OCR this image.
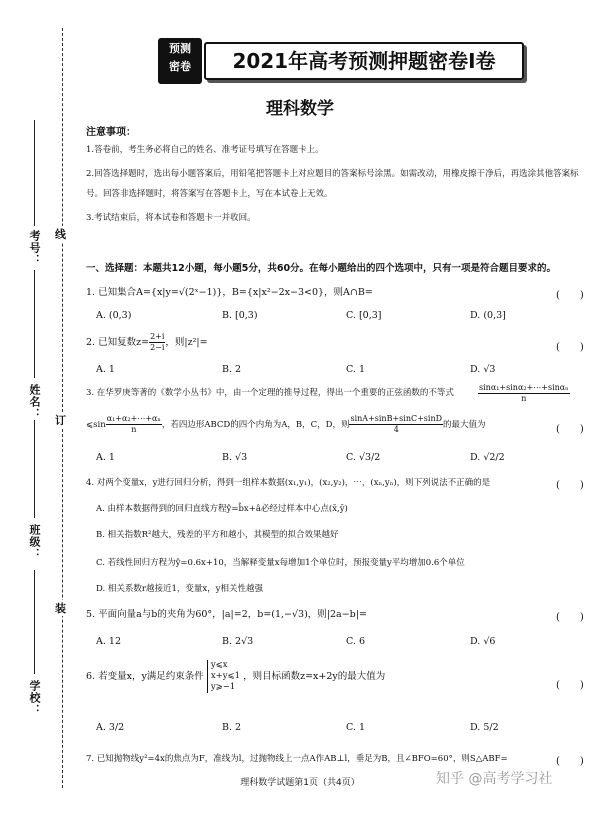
考号：
姓名：
班级：
学校：
线
订
装
预测
密卷	2021年高考预测押题密卷Ⅰ卷
理科数学
注意事项：
1.答卷前，考生务必将自己的姓名、准考证号填写在答题卡上。
2.回答选择题时，选出每小题答案后，用铅笔把答题卡上对应题目的答案标号涂黑。如需改动，用橡皮擦干净后，再选涂其他答案标
号。回答非选择题时，将答案写在答题卡上，写在本试卷上无效。
3.考试结束后，将本试卷和答题卡一并收回。
一、选择题：本题共12小题，每小题5分，共60分。在每小题给出的四个选项中，只有一项是符合题目要求的。
1. 已知集合A={x|y=√(2ˣ−1)}，B={x|x²−2x−3<0}，则A∩B=	(　　)
A. (0,3)	B. [0,3)	C. [0,3]	D. (0,3]
2. 已知复数$z= \frac{2+i}{2-i}$ ，则|z²|=	(　　)
A. 1	B. 2	C. 1	D. √3
3. 在华罗庚等著的《数学小丛书》中，由一个定理的推导过程，得出一个重要的正弦函数的不等式	$\frac{\text{sinα₁+sinα₂+⋯+sinαₙ}}{n}$
⩽sin $\frac{\text{α₁+α₂+⋯+αₙ}}{n}$ ，若四边形ABCD的四个内角为A，B，C，D，则 $\frac{\sin A+\sin B+\sin C+\sin D}{4}$ 的最大值为	(　　)
A. 1	B. √3	C. √3/2	D. √2/2
4. 对两个变量x，y进行回归分析，得到一组样本数据(x₁,y₁)，(x₂,y₂)，⋯，(xₙ,yₙ)，则下列说法不正确的是	(　　)
A. 由样本数据得到的回归直线方程ŷ=b̂x+â必经过样本中心点(x̄,ȳ)
B. 相关指数R²越大，残差的平方和越小，其模型的拟合效果越好
C. 若线性回归方程为ŷ=0.6x+10，当解释变量x每增加1个单位时，预报变量y平均增加0.6个单位
D. 相关系数r越接近1，变量x，y相关性越强
5. 平面向量a与b的夹角为60°，|a|=2，b=(1,−√3)，则|2a−b|=	(　　)
A. 12	B. 2√3	C. 6	D. √6
6. 若变量x，y满足约束条件
y⩽x
x+y⩽1
y⩾−1
，则目标函数z=x+2y的最大值为
(　　)
A. 3/2	B. 2	C. 1	D. 5/2
7. 已知抛物线y²=4x的焦点为F，准线为l，过抛物线上一点A作AB⊥l，垂足为B，且∠BFO=60°，则S△ABF=	(　　)
理科数学试题第1页（共4页）	知乎 @高考学习社
